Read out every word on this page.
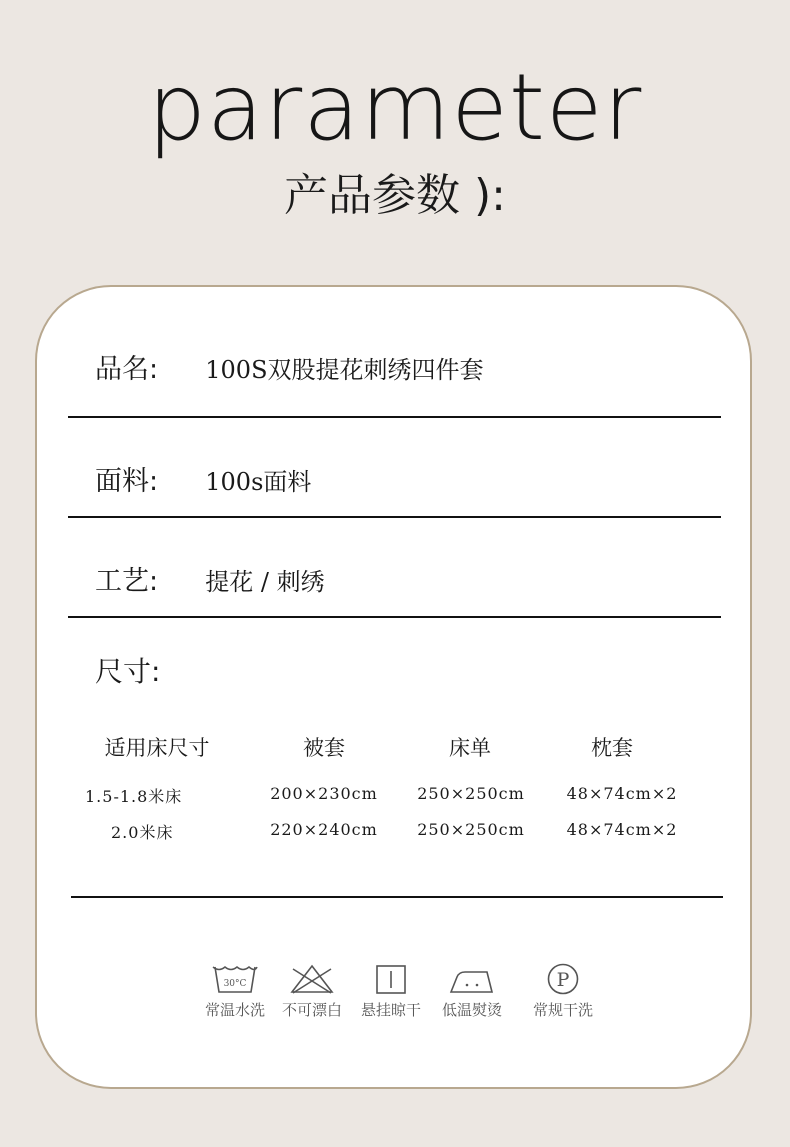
parameter
产品参数 ):
品名: 100S双股提花刺绣四件套
面料: 100s面料
工艺: 提花 / 刺绣
尺寸:
适用床尺寸	被套	床单	枕套
1.5-1.8米床	200×230cm	250×250cm	48×74cm×2
2.0米床	220×240cm	250×250cm	48×74cm×2
30°C
常温水洗	不可漂白	悬挂晾干	低温熨烫
P
常规干洗
